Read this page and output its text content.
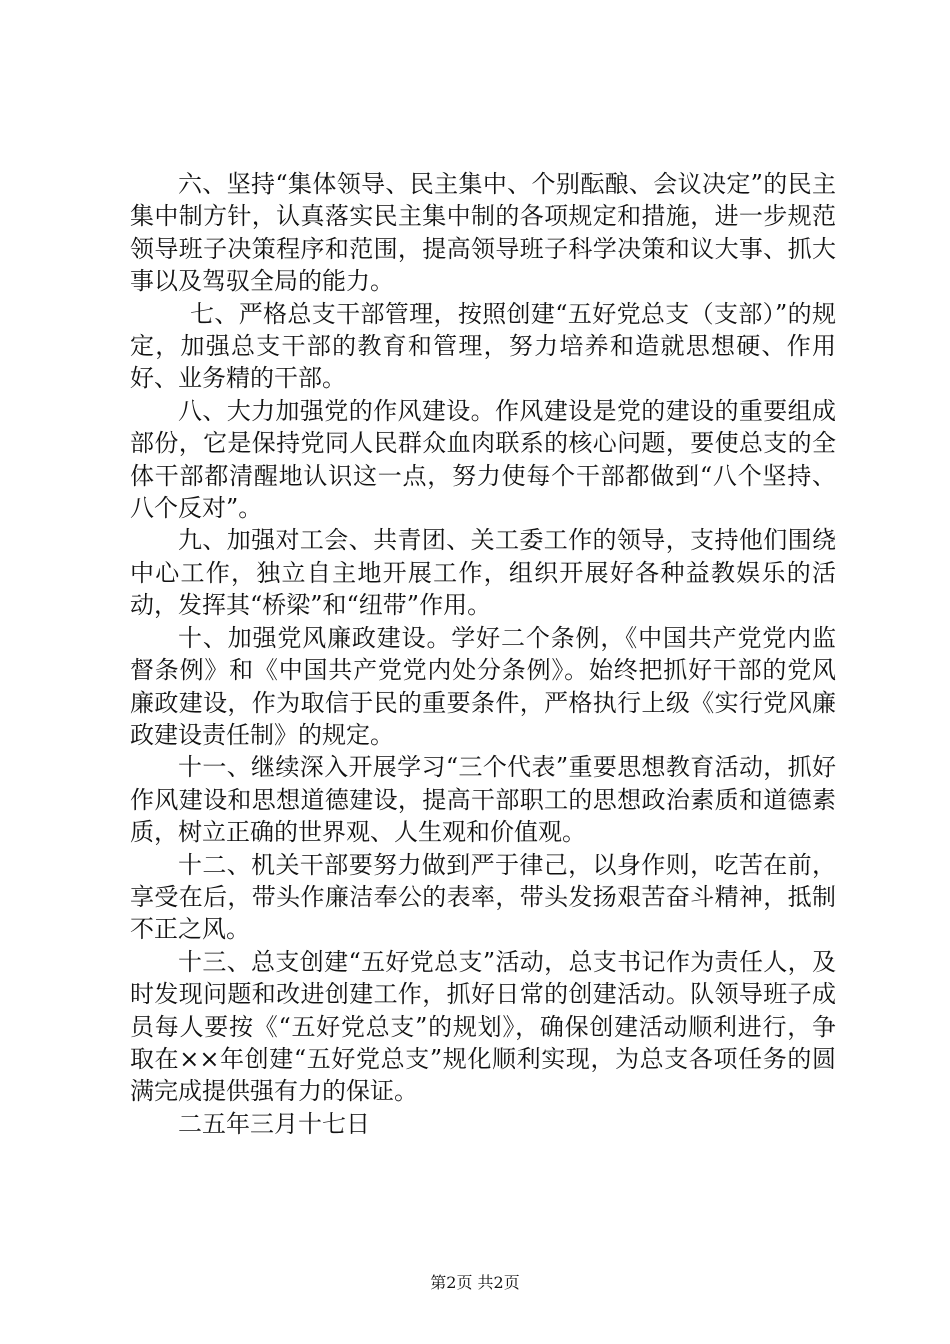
六、坚持“集体领导、民主集中、个别酝酿、会议决定”的民主集中制方针，认真落实民主集中制的各项规定和措施，进一步规范领导班子决策程序和范围，提高领导班子科学决策和议大事、抓大事以及驾驭全局的能力。

七、严格总支干部管理，按照创建“五好党总支（支部）”的规定，加强总支干部的教育和管理，努力培养和造就思想硬、作用好、业务精的干部。

八、大力加强党的作风建设。作风建设是党的建设的重要组成部份，它是保持党同人民群众血肉联系的核心问题，要使总支的全体干部都清醒地认识这一点，努力使每个干部都做到“八个坚持、八个反对”。

九、加强对工会、共青团、关工委工作的领导，支持他们围绕中心工作，独立自主地开展工作，组织开展好各种益教娱乐的活动，发挥其“桥梁”和“纽带”作用。

十、加强党风廉政建设。学好二个条例，《中国共产党党内监督条例》和《中国共产党党内处分条例》。始终把抓好干部的党风廉政建设，作为取信于民的重要条件，严格执行上级《实行党风廉政建设责任制》的规定。

十一、继续深入开展学习“三个代表”重要思想教育活动，抓好作风建设和思想道德建设，提高干部职工的思想政治素质和道德素质，树立正确的世界观、人生观和价值观。

十二、机关干部要努力做到严于律己，以身作则，吃苦在前，享受在后，带头作廉洁奉公的表率，带头发扬艰苦奋斗精神，抵制不正之风。

十三、总支创建“五好党总支”活动，总支书记作为责任人，及时发现问题和改进创建工作，抓好日常的创建活动。队领导班子成员每人要按《“五好党总支”的规划》，确保创建活动顺利进行，争取在××年创建“五好党总支”规化顺利实现，为总支各项任务的圆满完成提供强有力的保证。

二五年三月十七日

第2页 共2页
